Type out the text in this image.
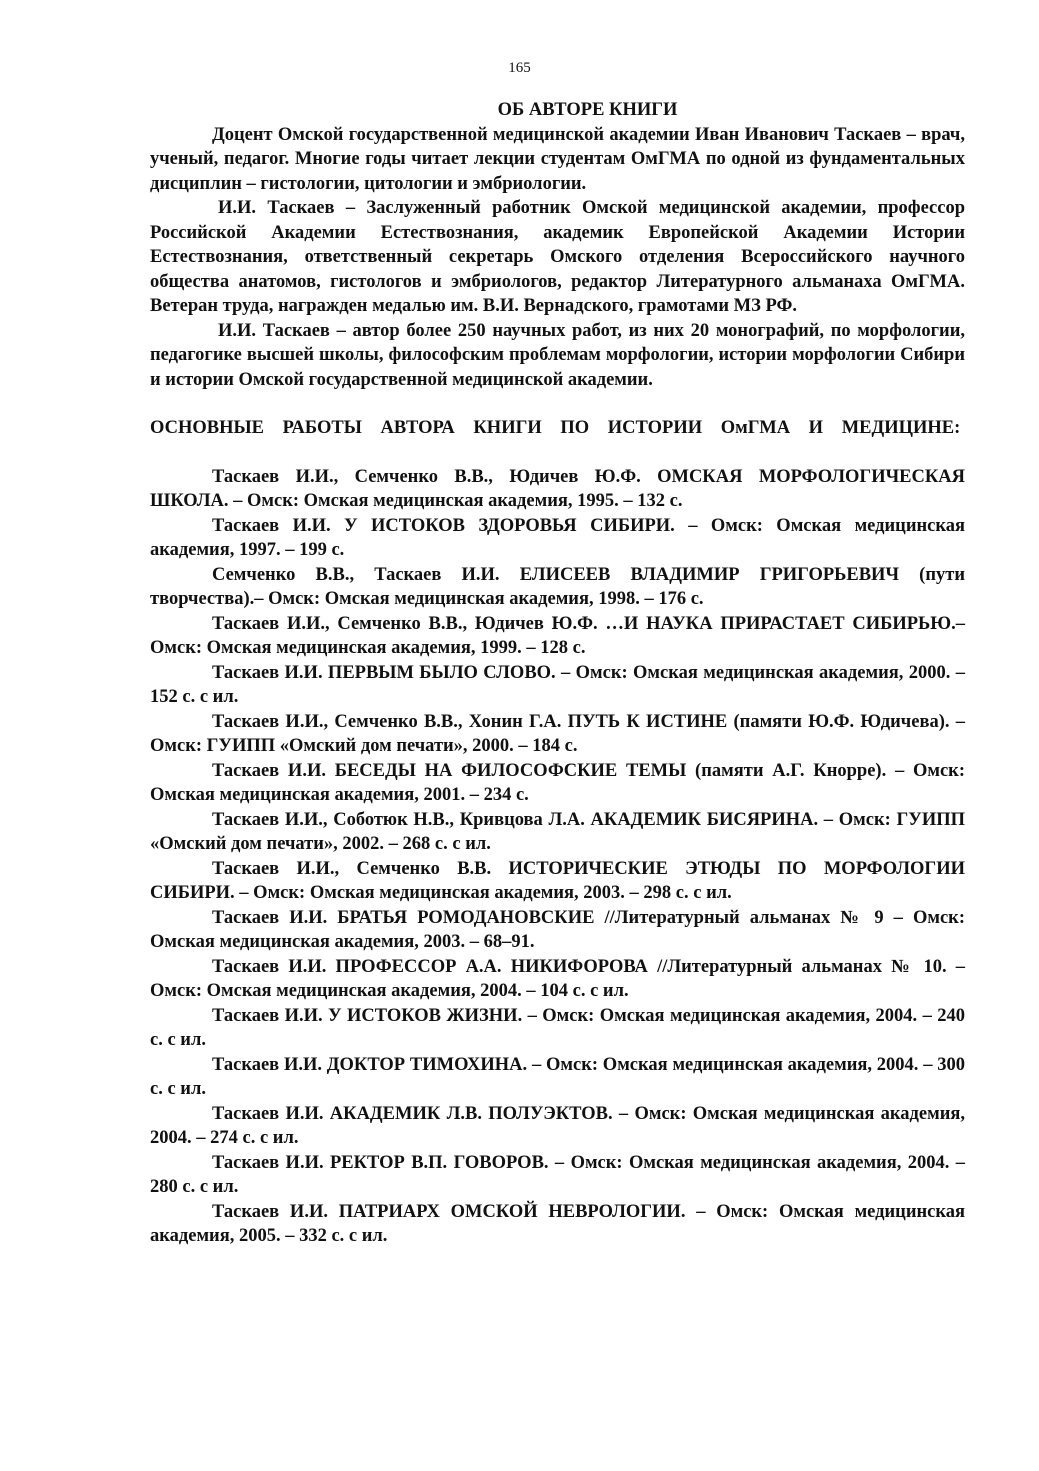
165
ОБ АВТОРЕ КНИГИ

Доцент Омской государственной медицинской академии Иван Иванович Таскаев – врач, ученый, педагог. Многие годы читает лекции студентам ОмГМА по одной из фундаментальных дисциплин – гистологии, цитологии и эмбриологии.

И.И. Таскаев – Заслуженный работник Омской медицинской академии, профессор Российской Академии Естествознания, академик Европейской Академии Истории Естествознания, ответственный секретарь Омского отделения Всероссийского научного общества анатомов, гистологов и эмбриологов, редактор Литературного альманаха ОмГМА. Ветеран труда, награжден медалью им. В.И. Вернадского, грамотами МЗ РФ.

И.И. Таскаев – автор более 250 научных работ, из них 20 монографий, по морфологии, педагогике высшей школы, философским проблемам морфологии, истории морфологии Сибири и истории Омской государственной медицинской академии.

ОСНОВНЫЕ РАБОТЫ АВТОРА КНИГИ ПО ИСТОРИИ ОмГМА И МЕДИЦИНЕ:

Таскаев И.И., Семченко В.В., Юдичев Ю.Ф. ОМСКАЯ МОРФОЛОГИЧЕСКАЯ ШКОЛА. – Омск: Омская медицинская академия, 1995. – 132 с.

Таскаев И.И. У ИСТОКОВ ЗДОРОВЬЯ СИБИРИ. – Омск: Омская медицинская академия, 1997. – 199 с.

Семченко В.В., Таскаев И.И. ЕЛИСЕЕВ ВЛАДИМИР ГРИГОРЬЕВИЧ (пути творчества).– Омск: Омская медицинская академия, 1998. – 176 с.

Таскаев И.И., Семченко В.В., Юдичев Ю.Ф. …И НАУКА ПРИРАСТАЕТ СИБИРЬЮ.– Омск: Омская медицинская академия, 1999. – 128 с.

Таскаев И.И. ПЕРВЫМ БЫЛО СЛОВО. – Омск: Омская медицинская академия, 2000. – 152 с. с ил.

Таскаев И.И., Семченко В.В., Хонин Г.А. ПУТЬ К ИСТИНЕ (памяти Ю.Ф. Юдичева). – Омск: ГУИПП «Омский дом печати», 2000. – 184 с.

Таскаев И.И. БЕСЕДЫ НА ФИЛОСОФСКИЕ ТЕМЫ (памяти А.Г. Кнорре). – Омск: Омская медицинская академия, 2001. – 234 с.

Таскаев И.И., Соботюк Н.В., Кривцова Л.А. АКАДЕМИК БИСЯРИНА. – Омск: ГУИПП «Омский дом печати», 2002. – 268 с. с ил.

Таскаев И.И., Семченко В.В. ИСТОРИЧЕСКИЕ ЭТЮДЫ ПО МОРФОЛОГИИ СИБИРИ. – Омск: Омская медицинская академия, 2003. – 298 с. с ил.

Таскаев И.И. БРАТЬЯ РОМОДАНОВСКИЕ //Литературный альманах № 9 – Омск: Омская медицинская академия, 2003. – 68–91.

Таскаев И.И. ПРОФЕССОР А.А. НИКИФОРОВА //Литературный альманах № 10. – Омск: Омская медицинская академия, 2004. – 104 с. с ил.

Таскаев И.И. У ИСТОКОВ ЖИЗНИ. – Омск: Омская медицинская академия, 2004. – 240 с. с ил.

Таскаев И.И. ДОКТОР ТИМОХИНА. – Омск: Омская медицинская академия, 2004. – 300 с. с ил.

Таскаев И.И. АКАДЕМИК Л.В. ПОЛУЭКТОВ. – Омск: Омская медицинская академия, 2004. – 274 с. с ил.

Таскаев И.И. РЕКТОР В.П. ГОВОРОВ. – Омск: Омская медицинская академия, 2004. – 280 с. с ил.

Таскаев И.И. ПАТРИАРХ ОМСКОЙ НЕВРОЛОГИИ. – Омск: Омская медицинская академия, 2005. – 332 с. с ил.
